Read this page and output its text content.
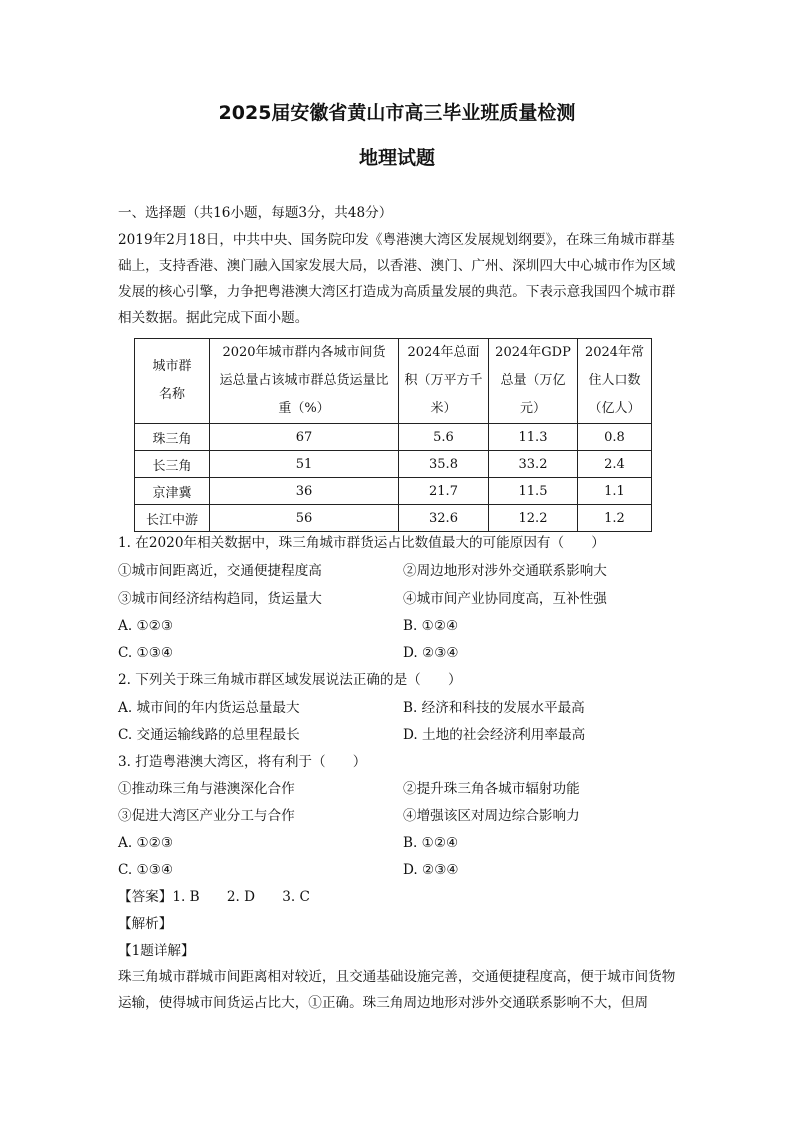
2025届安徽省黄山市高三毕业班质量检测
地理试题
一、选择题（共16小题，每题3分，共48分）
2019年2月18日，中共中央、国务院印发《粤港澳大湾区发展规划纲要》，在珠三角城市群基础上，支持香港、澳门融入国家发展大局，以香港、澳门、广州、深圳四大中心城市作为区域发展的核心引擎，力争把粤港澳大湾区打造成为高质量发展的典范。下表示意我国四个城市群相关数据。据此完成下面小题。
城市群名称	2020年城市群内各城市间货运总量占该城市群总货运量比重（%）	2024年总面积（万平方千米）	2024年GDP总量（万亿元）	2024年常住人口数（亿人）

珠三角	67	5.6	11.3	0.8
长三角	51	35.8	33.2	2.4
京津冀	36	21.7	11.5	1.1
长江中游	56	32.6	12.2	1.2
1. 在2020年相关数据中，珠三角城市群货运占比数值最大的可能原因有（　　）
①城市间距离近，交通便捷程度高	②周边地形对涉外交通联系影响大
③城市间经济结构趋同，货运量大	④城市间产业协同度高，互补性强
A. ①②③	B. ①②④
C. ①③④	D. ②③④
2. 下列关于珠三角城市群区域发展说法正确的是（　　）
A. 城市间的年内货运总量最大	B. 经济和科技的发展水平最高
C. 交通运输线路的总里程最长	D. 土地的社会经济利用率最高
3. 打造粤港澳大湾区，将有利于（　　）
①推动珠三角与港澳深化合作	②提升珠三角各城市辐射功能
③促进大湾区产业分工与合作	④增强该区对周边综合影响力
A. ①②③	B. ①②④
C. ①③④	D. ②③④
【答案】1. B　　2. D　　3. C
【解析】
【1题详解】
珠三角城市群城市间距离相对较近，且交通基础设施完善，交通便捷程度高，便于城市间货物运输，使得城市间货运占比大，①正确。珠三角周边地形对涉外交通联系影响不大，但周
